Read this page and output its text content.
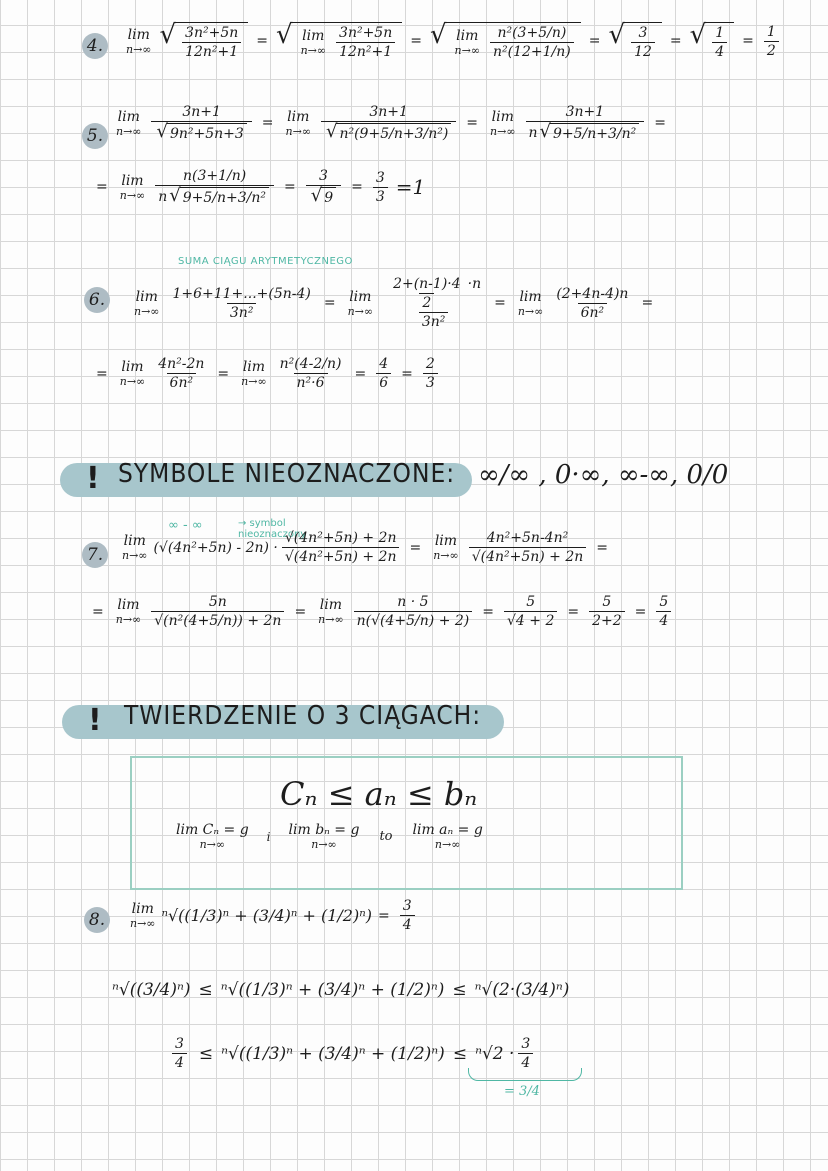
4.
lim
n→∞ √ $\frac{\text{3n²+5n}}{\text{12n²+1}}$ = √ lim
$n\to\infty \frac{\text{3n²+5n}}{\text{12n²+1}}$ = √ lim
$n\to\infty \frac{\text{n²(3+5/n)}}{\text{n²(12+1/n)}}$ = √ $\frac{3}{12}$ = √ $\frac{1}{4} = \frac{1}{2}$
5.
lim
$n\to\infty \frac{3n+1}{\text{√ 9n²+5n+3}} = \lim$
$n\to\infty \frac{3n+1}{\text{√ n²(9+5/n+3/n²)}} = \lim$
$n\to\infty \frac{3n+1}{\text{n √ 9+5/n+3/n²}}$ =
= lim
$n\to\infty \frac{n(3+1/n)}{\text{n √ 9+5/n+3/n²}} = \frac{3}{√ 9} = \frac{3}{3} =1$
SUMA CIĄGU ARYTMETYCZNEGO
6. lim
$n\to\infty \frac{1+6+11+...+(5n-4)}{\text{3n²}} = \lim$
$n\to\infty \frac{\frac{2+(n-1)\cdot 4}{2} \cdot n}{\text{3n²}} = \lim$
$n\to\infty \frac{(2+4n-4)n}{\text{6n²}}$ =
= lim
$n\to\infty \frac{\text{4n²-2n}}{\text{6n²}} = \lim$
$n\to\infty \frac{\text{n²(4-2/n)}}{\text{n²·6}} = \frac{4}{6} = \frac{2}{3}$
! SYMBOLE NIEOZNACZONE: ∞/∞ , 0·∞, ∞-∞, 0/0
∞ - ∞	→ symbol nieoznaczony
7.
lim
n→∞ $(√(4n^2+5n) - 2n) \cdot \frac{\text{√(4n²+5n) + 2n}}{\text{√(4n²+5n) + 2n}} = \lim$
$n\to\infty \frac{\text{4n²+5n-4n²}}{\text{√(4n²+5n) + 2n}}$ =
= lim
$n\to\infty \frac{5n}{\text{√(n²(4+5/n)) + 2n}} = \lim$
$n\to\infty \frac{n \cdot 5}{n(√(4+5/n) + 2)} = \frac{5}{√4 + 2} = \frac{5}{2+2} = \frac{5}{4}$
! TWIERDZENIE O 3 CIĄGACH:
Cₙ ≤ aₙ ≤ bₙ
lim Cₙ = g
n→∞
i lim bₙ = g
n→∞
to lim aₙ = g
n→∞
8.
lim
n→∞ $^n√((1/3)^n + (3/4)^n + (1/2)^n) = \frac{3}{4}$
ⁿ√((3/4)ⁿ) ≤ ⁿ√((1/3)ⁿ + (3/4)ⁿ + (1/2)ⁿ) ≤ ⁿ√(2·(3/4)ⁿ)
$\frac{3}{4} \le ^n√((1/3)^n + (3/4)^n + (1/2)^n) \le ^n√2 \cdot \frac{3}{4}$
= 3/4
